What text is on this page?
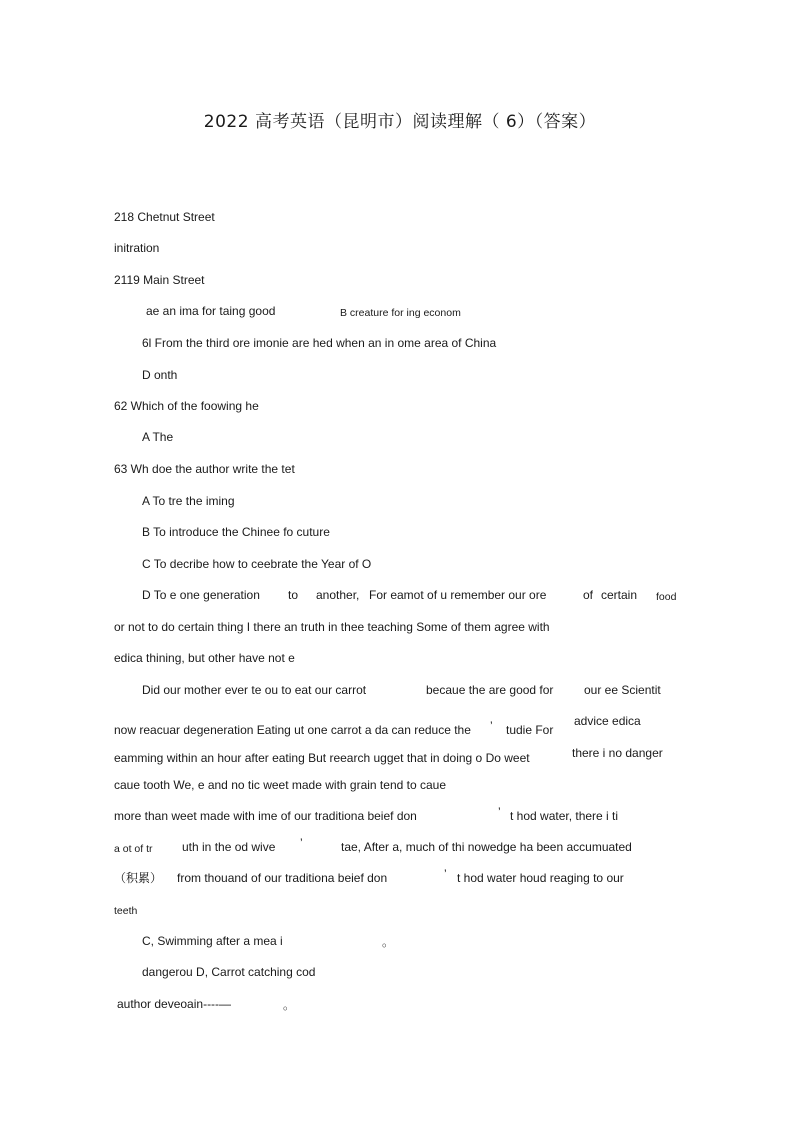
2022 高考英语（昆明市）阅读理解（ 6）（答案）
218 Chetnut Street
initration
2119 Main Street
ae an ima for taing good	B creature for ing econom
6l From the third ore imonie are hed when an in ome area of China
D onth
62 Which of the foowing he
A The
63 Wh doe the author write the tet
A To tre the iming
B To introduce the Chinee fo cuture
C To decribe how to ceebrate the Year of O
D To e one generation to another, For eamot of u remember our ore	of certain food
or not to do certain thing I there an truth in thee teaching Some of them agree with
edica thining, but other have not e
Did our mother ever te ou to eat our carrot	becaue the are good for	our ee Scientit
advice edica
now reacuar degeneration Eating ut one carrot a da can reduce the ’ tudie For
eamming within an hour after eating But reearch ugget that in doing o Do weet	there i no danger
caue tooth We, e and no tic weet made with grain tend to caue
more than weet made with ime of our traditiona beief don	’ t hod water, there i ti
a ot of tr uth in the od wive ’	tae, After a, much of thi nowedge ha been accumuated
（积累） from thouand of our traditiona beief don	’ t hod water houd reaging to our
teeth
C, Swimming after a mea i	。
dangerou D, Carrot catching cod
author deveoain----—	。
